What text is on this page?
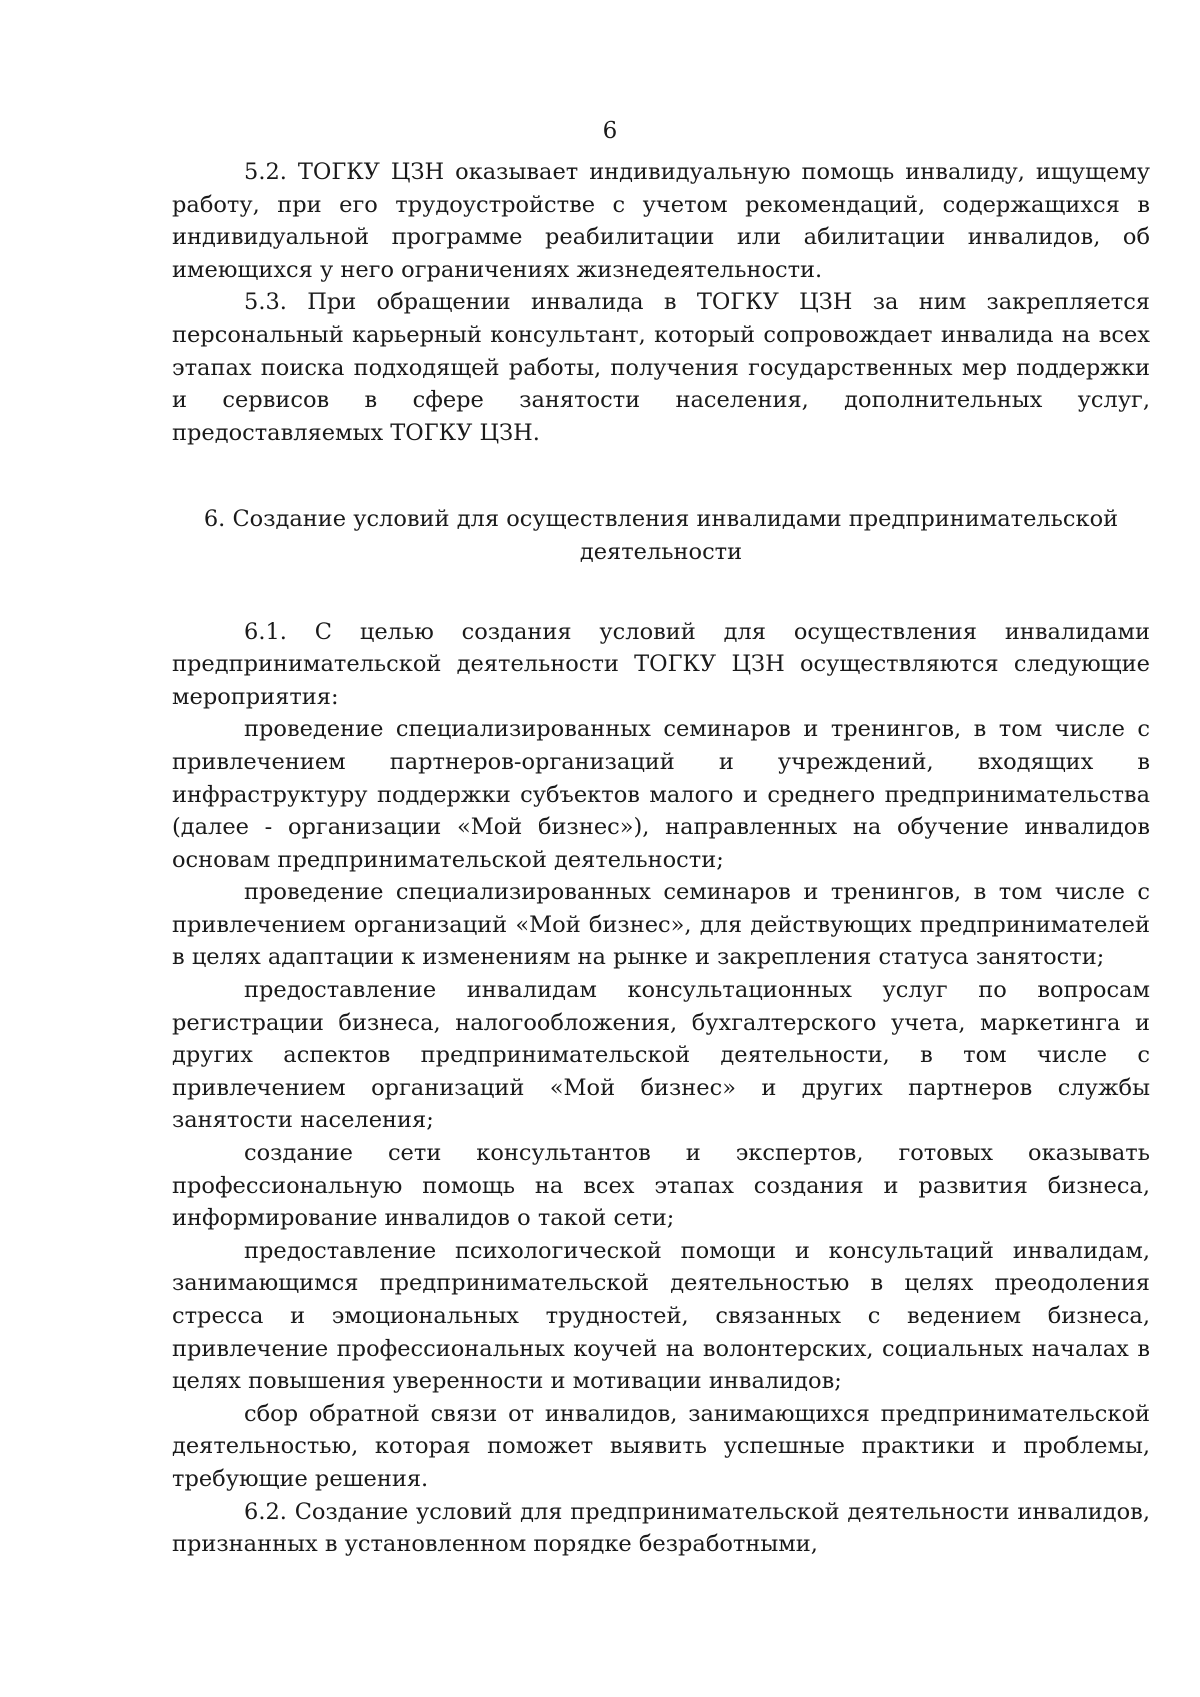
6

5.2. ТОГКУ ЦЗН оказывает индивидуальную помощь инвалиду, ищущему работу, при его трудоустройстве с учетом рекомендаций, содержащихся в индивидуальной программе реабилитации или абилитации инвалидов, об имеющихся у него ограничениях жизнедеятельности.

5.3. При обращении инвалида в ТОГКУ ЦЗН за ним закрепляется персональный карьерный консультант, который сопровождает инвалида на всех этапах поиска подходящей работы, получения государственных мер поддержки и сервисов в сфере занятости населения, дополнительных услуг, предоставляемых ТОГКУ ЦЗН.

6. Создание условий для осуществления инвалидами предпринимательской
деятельности

6.1. С целью создания условий для осуществления инвалидами предпринимательской деятельности ТОГКУ ЦЗН осуществляются следующие мероприятия:

проведение специализированных семинаров и тренингов, в том числе с привлечением партнеров-организаций и учреждений, входящих в инфраструктуру поддержки субъектов малого и среднего предпринимательства (далее - организации «Мой бизнес»), направленных на обучение инвалидов основам предпринимательской деятельности;

проведение специализированных семинаров и тренингов, в том числе с привлечением организаций «Мой бизнес», для действующих предпринимателей в целях адаптации к изменениям на рынке и закрепления статуса занятости;

предоставление инвалидам консультационных услуг по вопросам регистрации бизнеса, налогообложения, бухгалтерского учета, маркетинга и других аспектов предпринимательской деятельности, в том числе с привлечением организаций «Мой бизнес» и других партнеров службы занятости населения;

создание сети консультантов и экспертов, готовых оказывать профессиональную помощь на всех этапах создания и развития бизнеса, информирование инвалидов о такой сети;

предоставление психологической помощи и консультаций инвалидам, занимающимся предпринимательской деятельностью в целях преодоления стресса и эмоциональных трудностей, связанных с ведением бизнеса, привлечение профессиональных коучей на волонтерских, социальных началах в целях повышения уверенности и мотивации инвалидов;

сбор обратной связи от инвалидов, занимающихся предпринимательской деятельностью, которая поможет выявить успешные практики и проблемы, требующие решения.

6.2. Создание условий для предпринимательской деятельности инвалидов, признанных в установленном порядке безработными,
